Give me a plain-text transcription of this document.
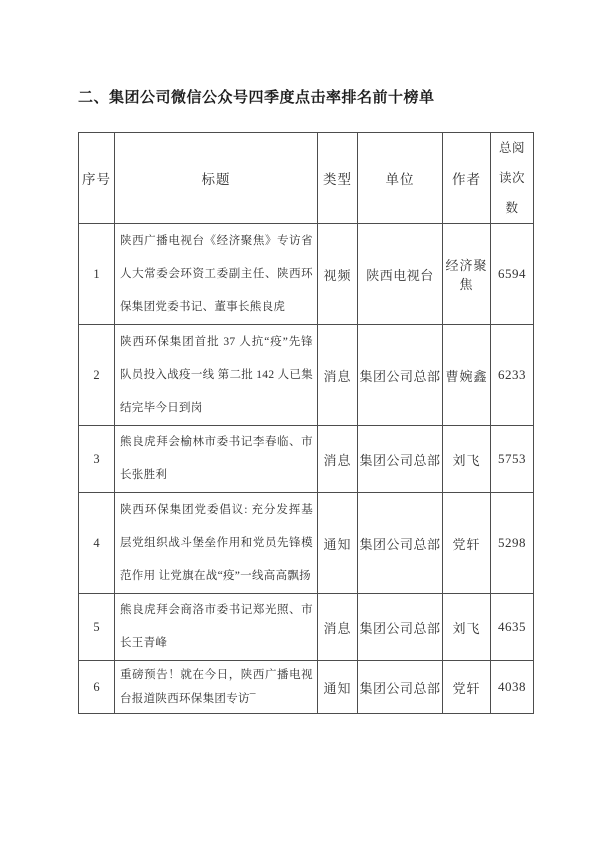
二、集团公司微信公众号四季度点击率排名前十榜单
序号	标题	类型	单位	作者	总阅读次数
1	陕西广播电视台《经济聚焦》专访省人大常委会环资工委副主任、陕西环保集团党委书记、董事长熊良虎	视频	陕西电视台	经济聚焦	6594
2	陕西环保集团首批 37 人抗“疫”先锋队员投入战疫一线 第二批 142 人已集结完毕今日到岗	消息	集团公司总部	曹婉鑫	6233
3	熊良虎拜会榆林市委书记李春临、市长张胜利	消息	集团公司总部	刘飞	5753
4	陕西环保集团党委倡议: 充分发挥基层党组织战斗堡垒作用和党员先锋模范作用 让党旗在战“疫”一线高高飘扬	通知	集团公司总部	党轩	5298
5	熊良虎拜会商洛市委书记郑光照、市长王青峰	消息	集团公司总部	刘飞	4635
6	重磅预告！就在今日，陕西广播电视台报道陕西环保集团专访¯	通知	集团公司总部	党轩	4038
